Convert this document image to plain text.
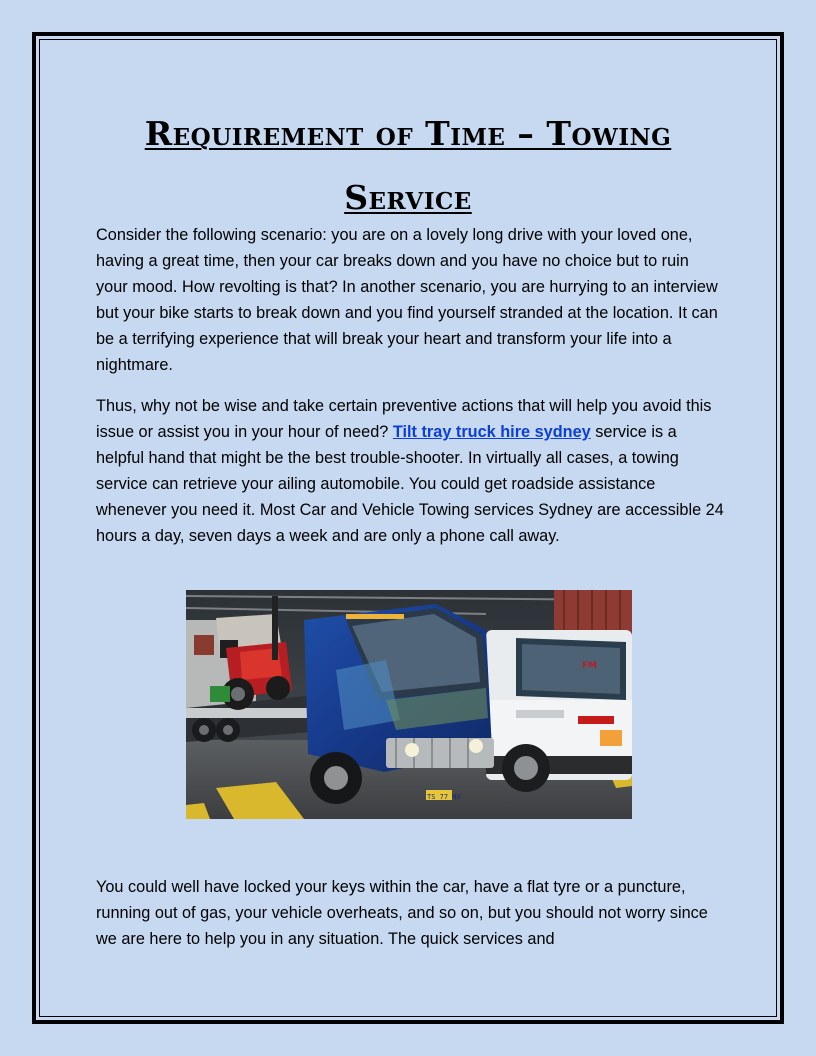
Requirement of Time – Towing Service

Consider the following scenario: you are on a lovely long drive with your loved one, having a great time, then your car breaks down and you have no choice but to ruin your mood. How revolting is that? In another scenario, you are hurrying to an interview but your bike starts to break down and you find yourself stranded at the location. It can be a terrifying experience that will break your heart and transform your life into a nightmare.

Thus, why not be wise and take certain preventive actions that will help you avoid this issue or assist you in your hour of need? Tilt tray truck hire sydney service is a helpful hand that might be the best trouble-shooter. In virtually all cases, a towing service can retrieve your ailing automobile. You could get roadside assistance whenever you need it. Most Car and Vehicle Towing services Sydney are accessible 24 hours a day, seven days a week and are only a phone call away.

FM
TS 77 NX

You could well have locked your keys within the car, have a flat tyre or a puncture, running out of gas, your vehicle overheats, and so on, but you should not worry since we are here to help you in any situation. The quick services and
